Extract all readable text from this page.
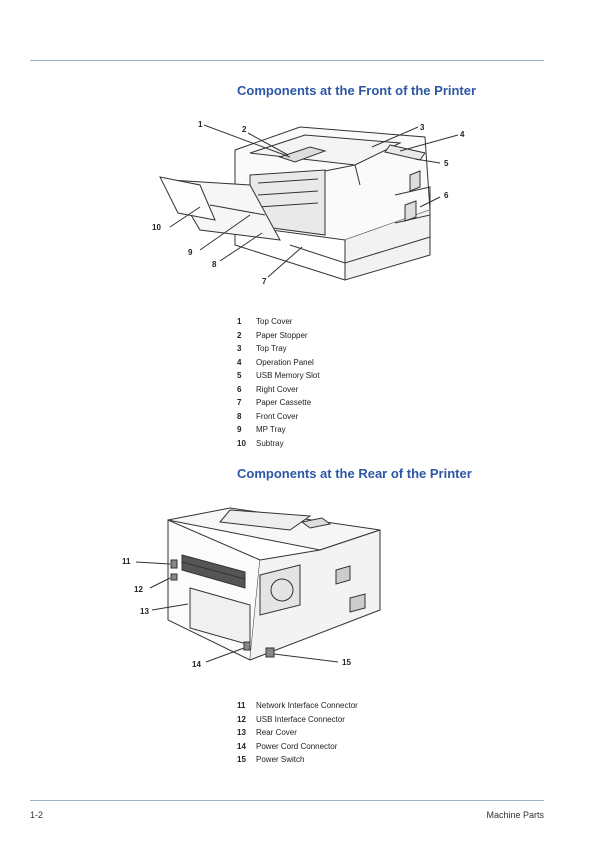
Components at the Front of the Printer
1
2	3
4
5
6
7
8
9
10
1	Top Cover
2	Paper Stopper
3	Top Tray
4	Operation Panel
5	USB Memory Slot
6	Right Cover
7	Paper Cassette
8	Front Cover
9	MP Tray
10	Subtray
Components at the Rear of the Printer
11
12
13
14	15
11	Network Interface Connector
12	USB Interface Connector
13	Rear Cover
14	Power Cord Connector
15	Power Switch
1-2	Machine Parts
